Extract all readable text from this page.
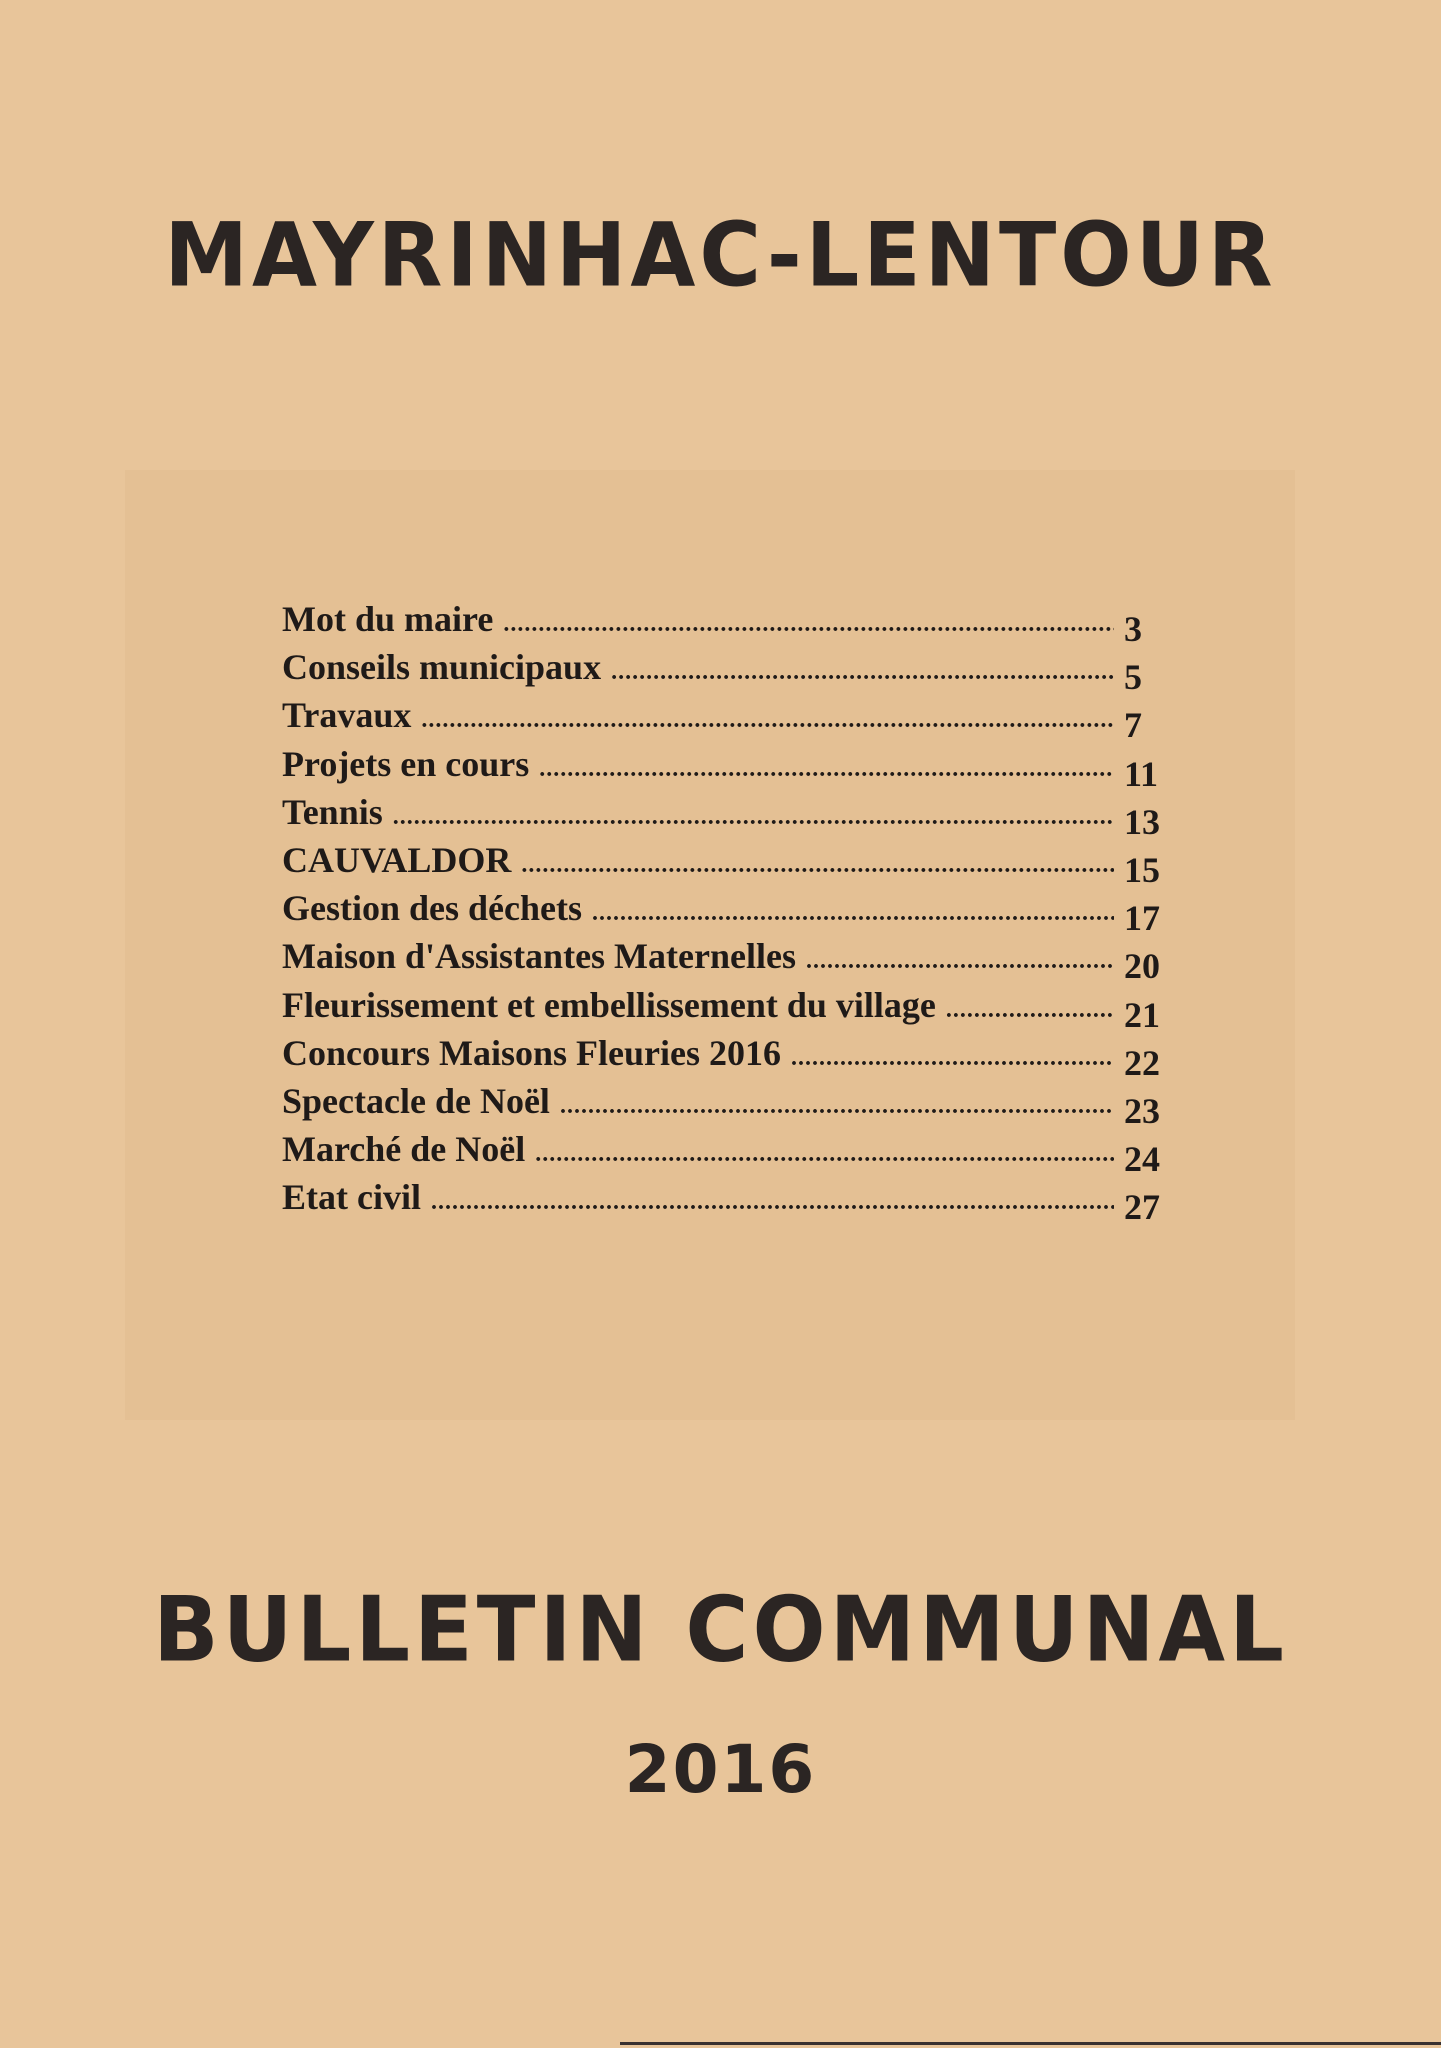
MAYRINHAC-LENTOUR
Mot du maire .....	3
Conseils municipaux .....	5
Travaux .....	7
Projets en cours .....	11
Tennis .....	13
CAUVALDOR .....	15
Gestion des déchets .....	17
Maison d'Assistantes Maternelles .....	20
Fleurissement et embellissement du village .....	21
Concours Maisons Fleuries 2016 .....	22
Spectacle de Noël .....	23
Marché de Noël .....	24
Etat civil .....	27
BULLETIN COMMUNAL
2016
